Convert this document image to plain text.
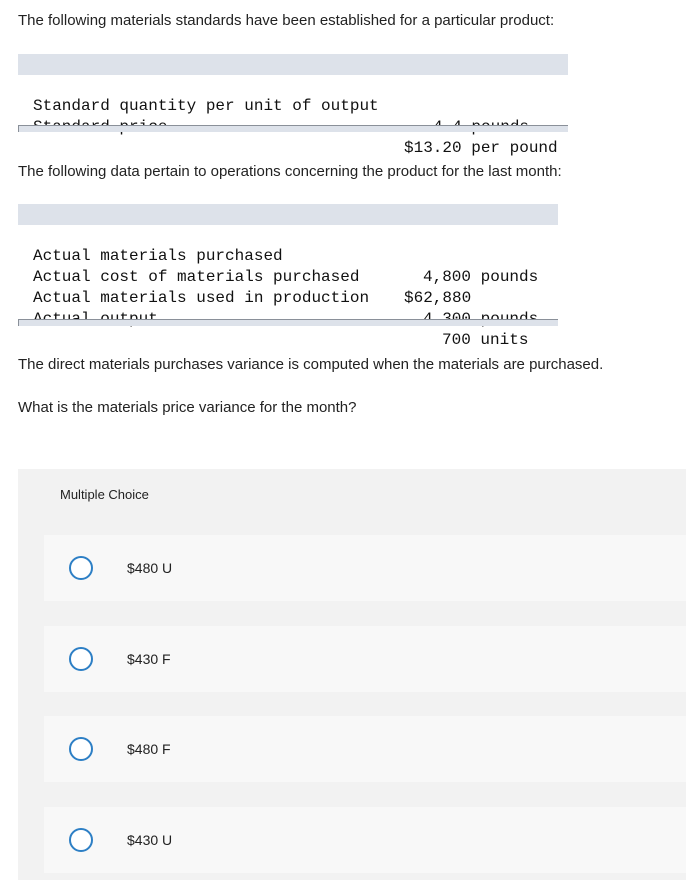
The following materials standards have been established for a particular product:

Standard quantity per unit of output

$13.20 per pound

The following data pertain to operations concerning the product for the last month:

Actual materials purchased

4,800 pounds

Actual cost of materials purchased

$62,880

Actual materials used in production

700 units

The direct materials purchases variance is computed when the materials are purchased.

What is the materials price variance for the month?

Multiple Choice
$480 U
$430 F
$480 F
$430 U
